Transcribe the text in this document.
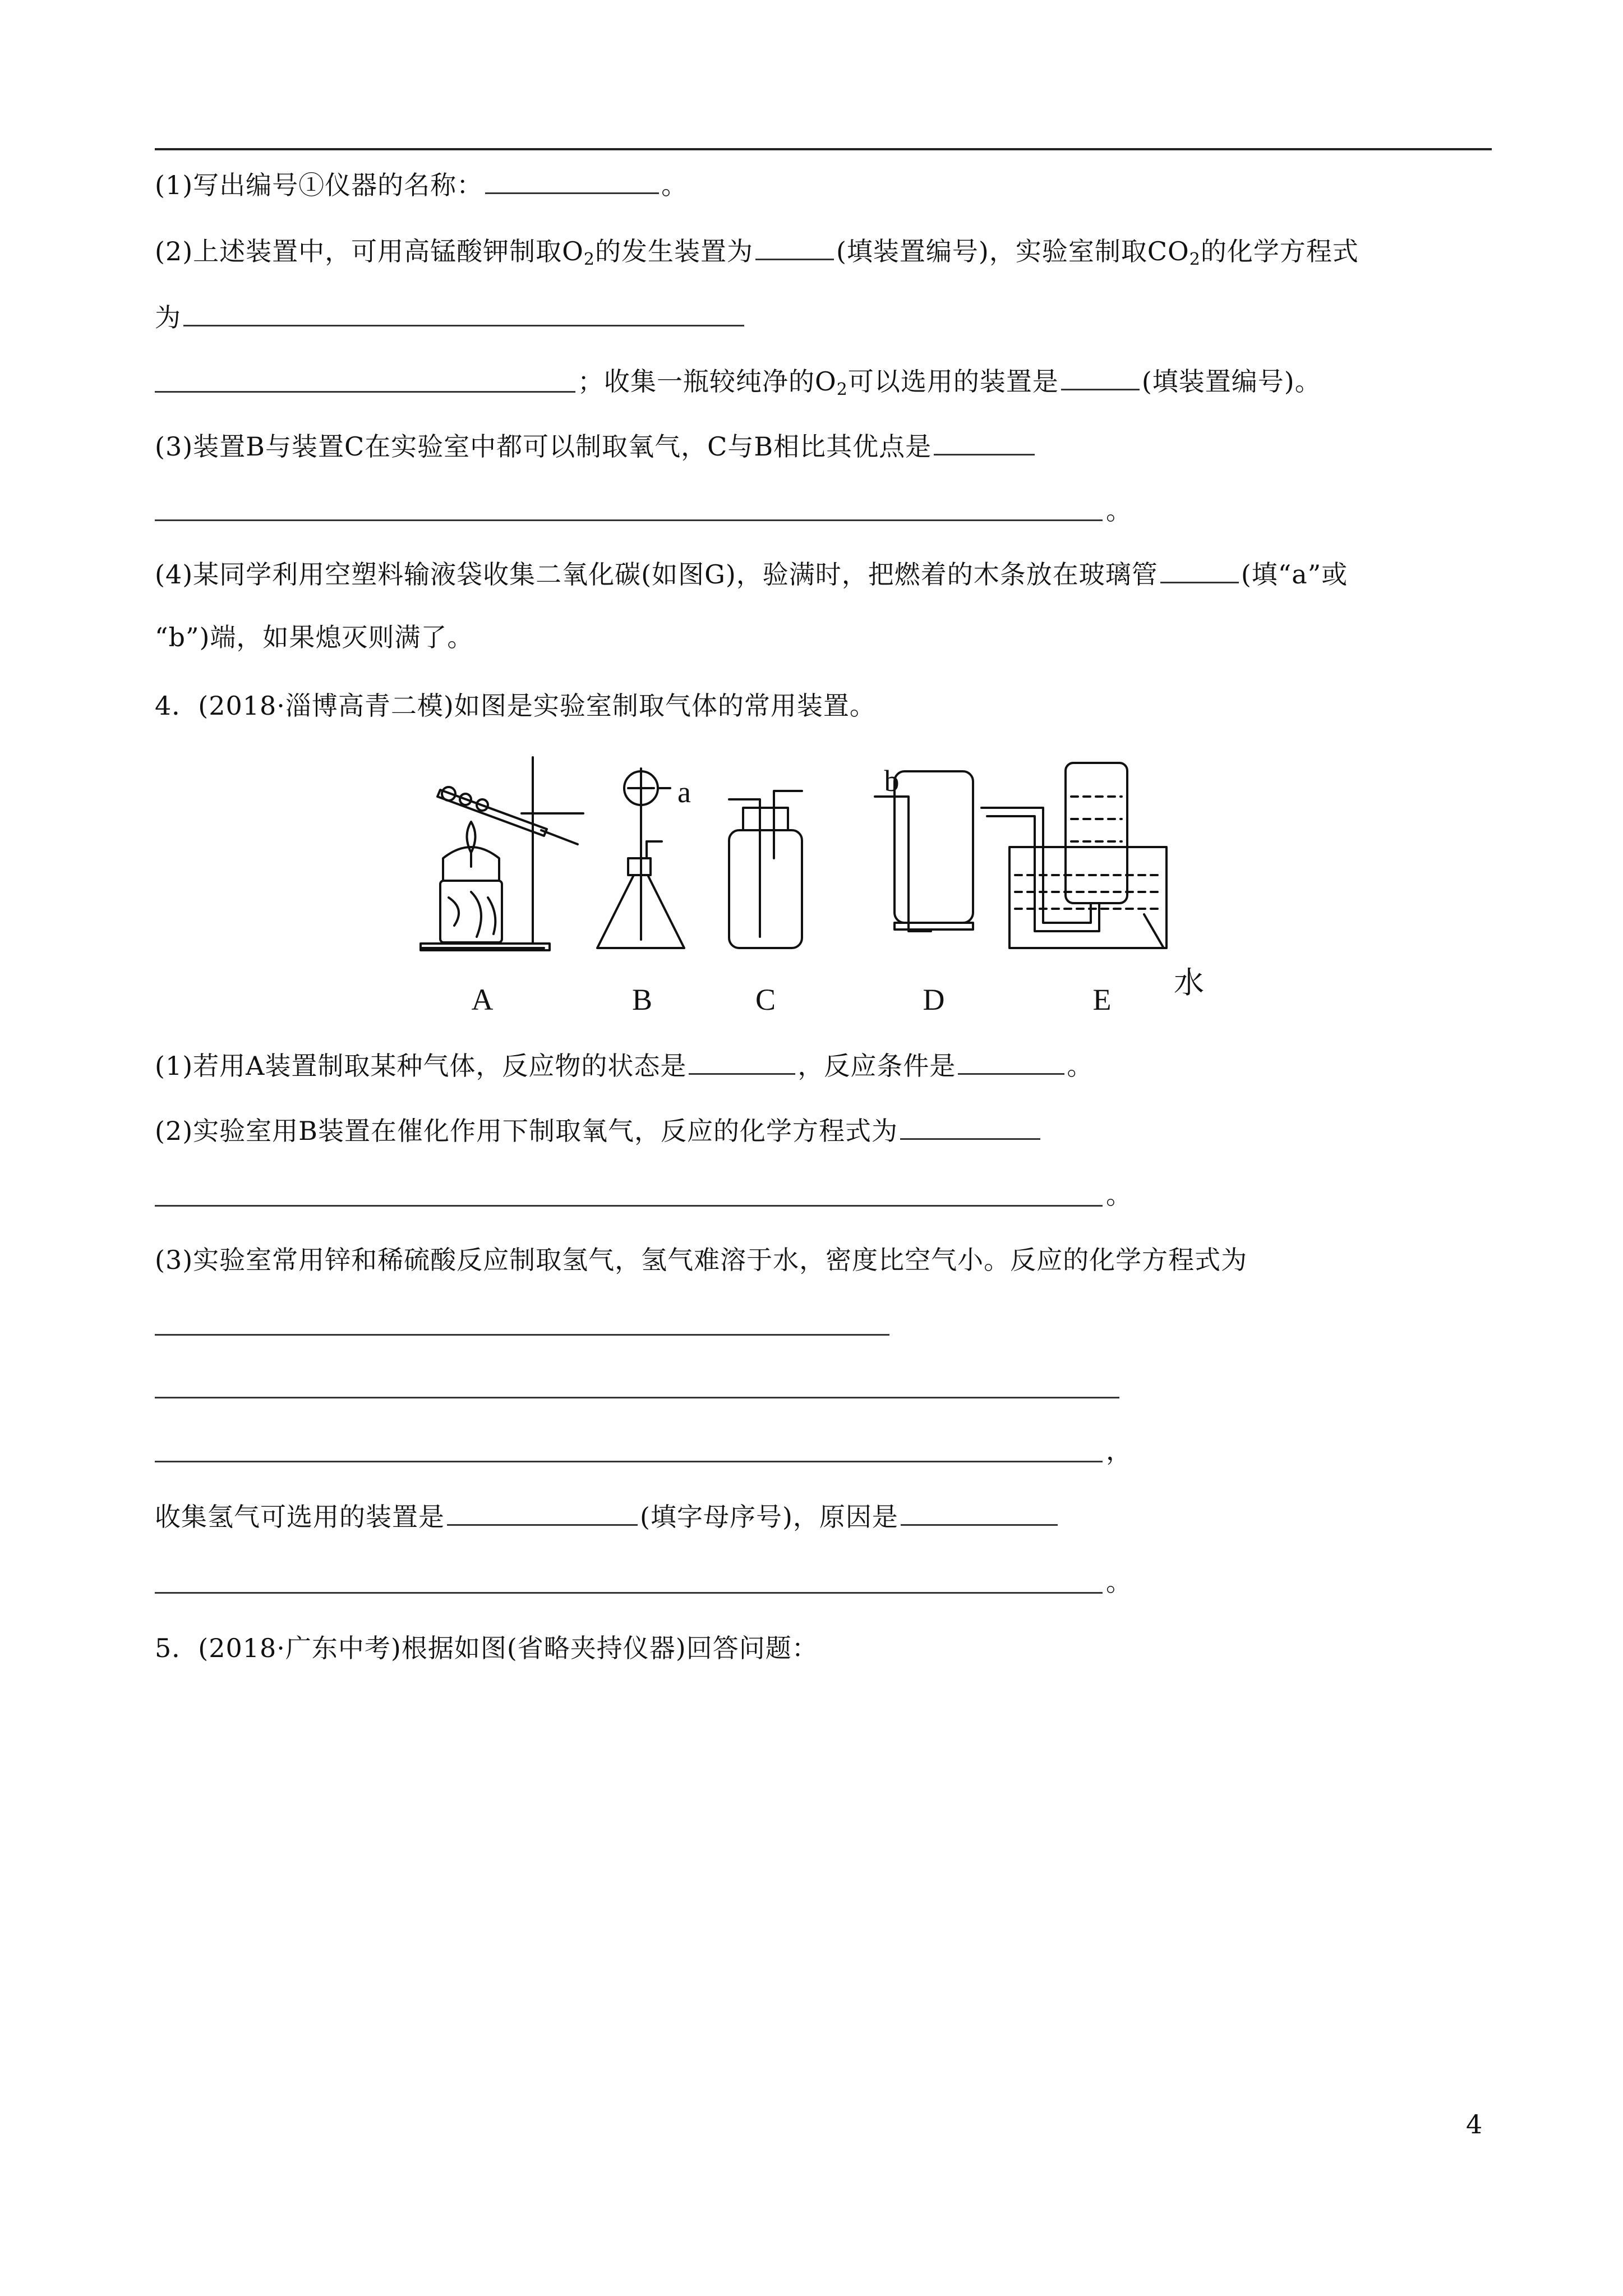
(1)写出编号①仪器的名称：	。
(2)上述装置中，可用高锰酸钾制取$O_2$的发生装置为	(填装置编号)，实验室制取$CO_2$的化学方程式
为
；收集一瓶较纯净的$O_2$可以选用的装置是	(填装置编号)。
(3)装置B与装置C在实验室中都可以制取氧气，C与B相比其优点是
。
(4)某同学利用空塑料输液袋收集二氧化碳(如图G)，验满时，把燃着的木条放在玻璃管	(填“a”或
“b”)端，如果熄灭则满了。
4．(2018·淄博高青二模)如图是实验室制取气体的常用装置。
A	B	C	D	E
a	b
水
(1)若用A装置制取某种气体，反应物的状态是	，反应条件是	。
(2)实验室用B装置在催化作用下制取氧气，反应的化学方程式为
。
(3)实验室常用锌和稀硫酸反应制取氢气，氢气难溶于水，密度比空气小。反应的化学方程式为
，
收集氢气可选用的装置是	(填字母序号)，原因是
。
5．(2018·广东中考)根据如图(省略夹持仪器)回答问题：
4
